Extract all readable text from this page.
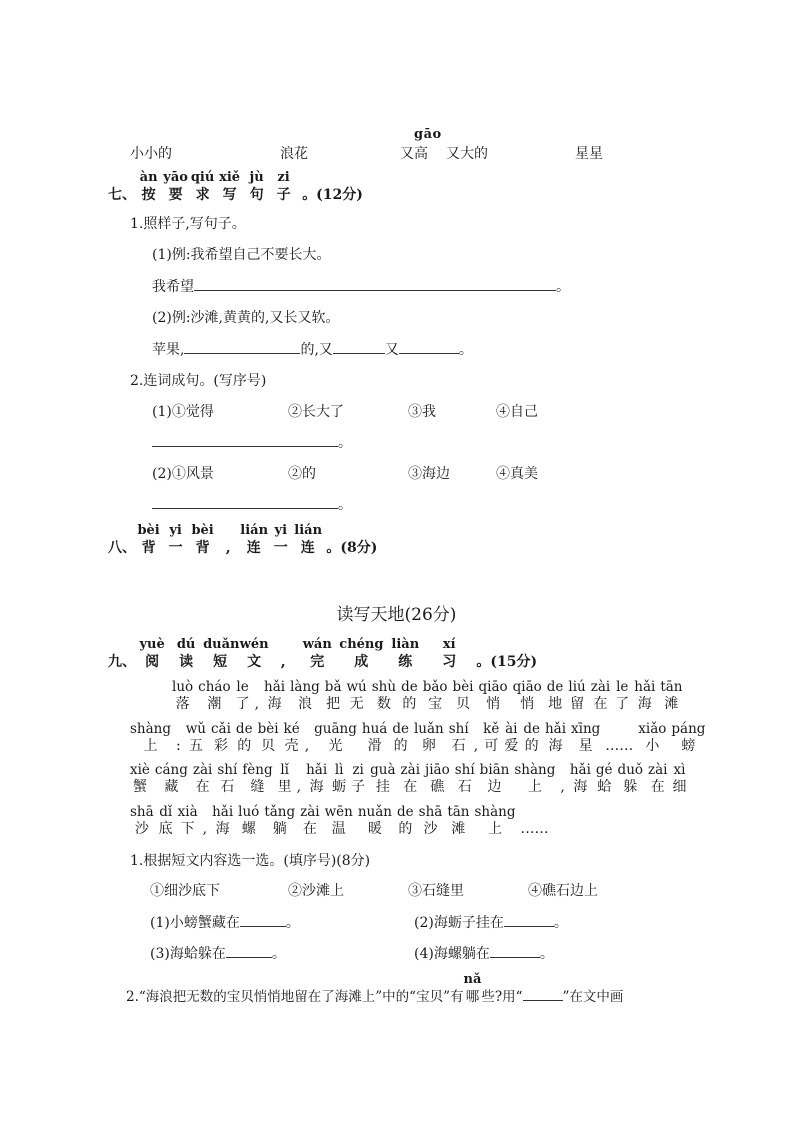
小小的	浪花
gāo
又高 又大的	星星

七、

àn
按
yāo
要
qiú
求
xiě
写
jù
句
zi
子

。(12分)
1.照样子,写句子。
(1)例:我希望自己不要长大。
我希望	。
(2)例:沙滩,黄黄的,又长又软。
苹果,	的,又	又	。
2.连词成句。(写序号)
(1)①觉得	②长大了	③我	④自己
。
(2)①风景	②的	③海边	④真美
。

八、

bèi
背
yi
一
bèi
背

	,

lián
连
yi
一
lián
连

。(8分)
读写天地(26分)

九、

yuè
阅
dú
读
duǎn
短
wén
文

	,

wán
完
chéng
成
liàn
练
xí
习

	。(15分)
luò
落
cháo
潮
le
了
,
hǎi
海
làng
浪
bǎ
把
wú
无
shù
数
de
的
bǎo
宝
bèi
贝
qiāo
悄
qiāo
悄
de
地
liú
留
zài
在
le
了
hǎi
海
tān
滩
shàng
上
	:
wǔ
五
cǎi
彩
de
的
bèi
贝
ké
壳
,
guāng
光
huá
滑
de
的
luǎn
卵
shí
石
,
kě
可
ài
爱
de
的
hǎi
海
xīng
星
……
xiǎo
小
páng
螃
xiè
蟹
cáng
藏
zài
在
shí
石
fèng
缝
lǐ
里
,
hǎi
海
lì
蛎
zi
子
guà
挂
zài
在
jiāo
礁
shí
石
biān
边
shàng
上
	,
hǎi
海
gé
蛤
duǒ
躲
zài
在
xì
细
shā
沙
dǐ
底
xià
下
,
hǎi
海
luó
螺
tǎng
躺
zài
在
wēn
温
nuǎn
暖
de
的
shā
沙
tān
滩
shàng
上
	……
1.根据短文内容选一选。(填序号)(8分)
①细沙底下	②沙滩上	③石缝里	④礁石边上
(1)小螃蟹藏在	。	(2)海蛎子挂在	。
(3)海蛤躲在	。	(4)海螺躺在	。

2.“海浪把无数的宝贝悄悄地留在了海滩上”中的“宝贝”有
nǎ
哪
些?用“	”在文中画
